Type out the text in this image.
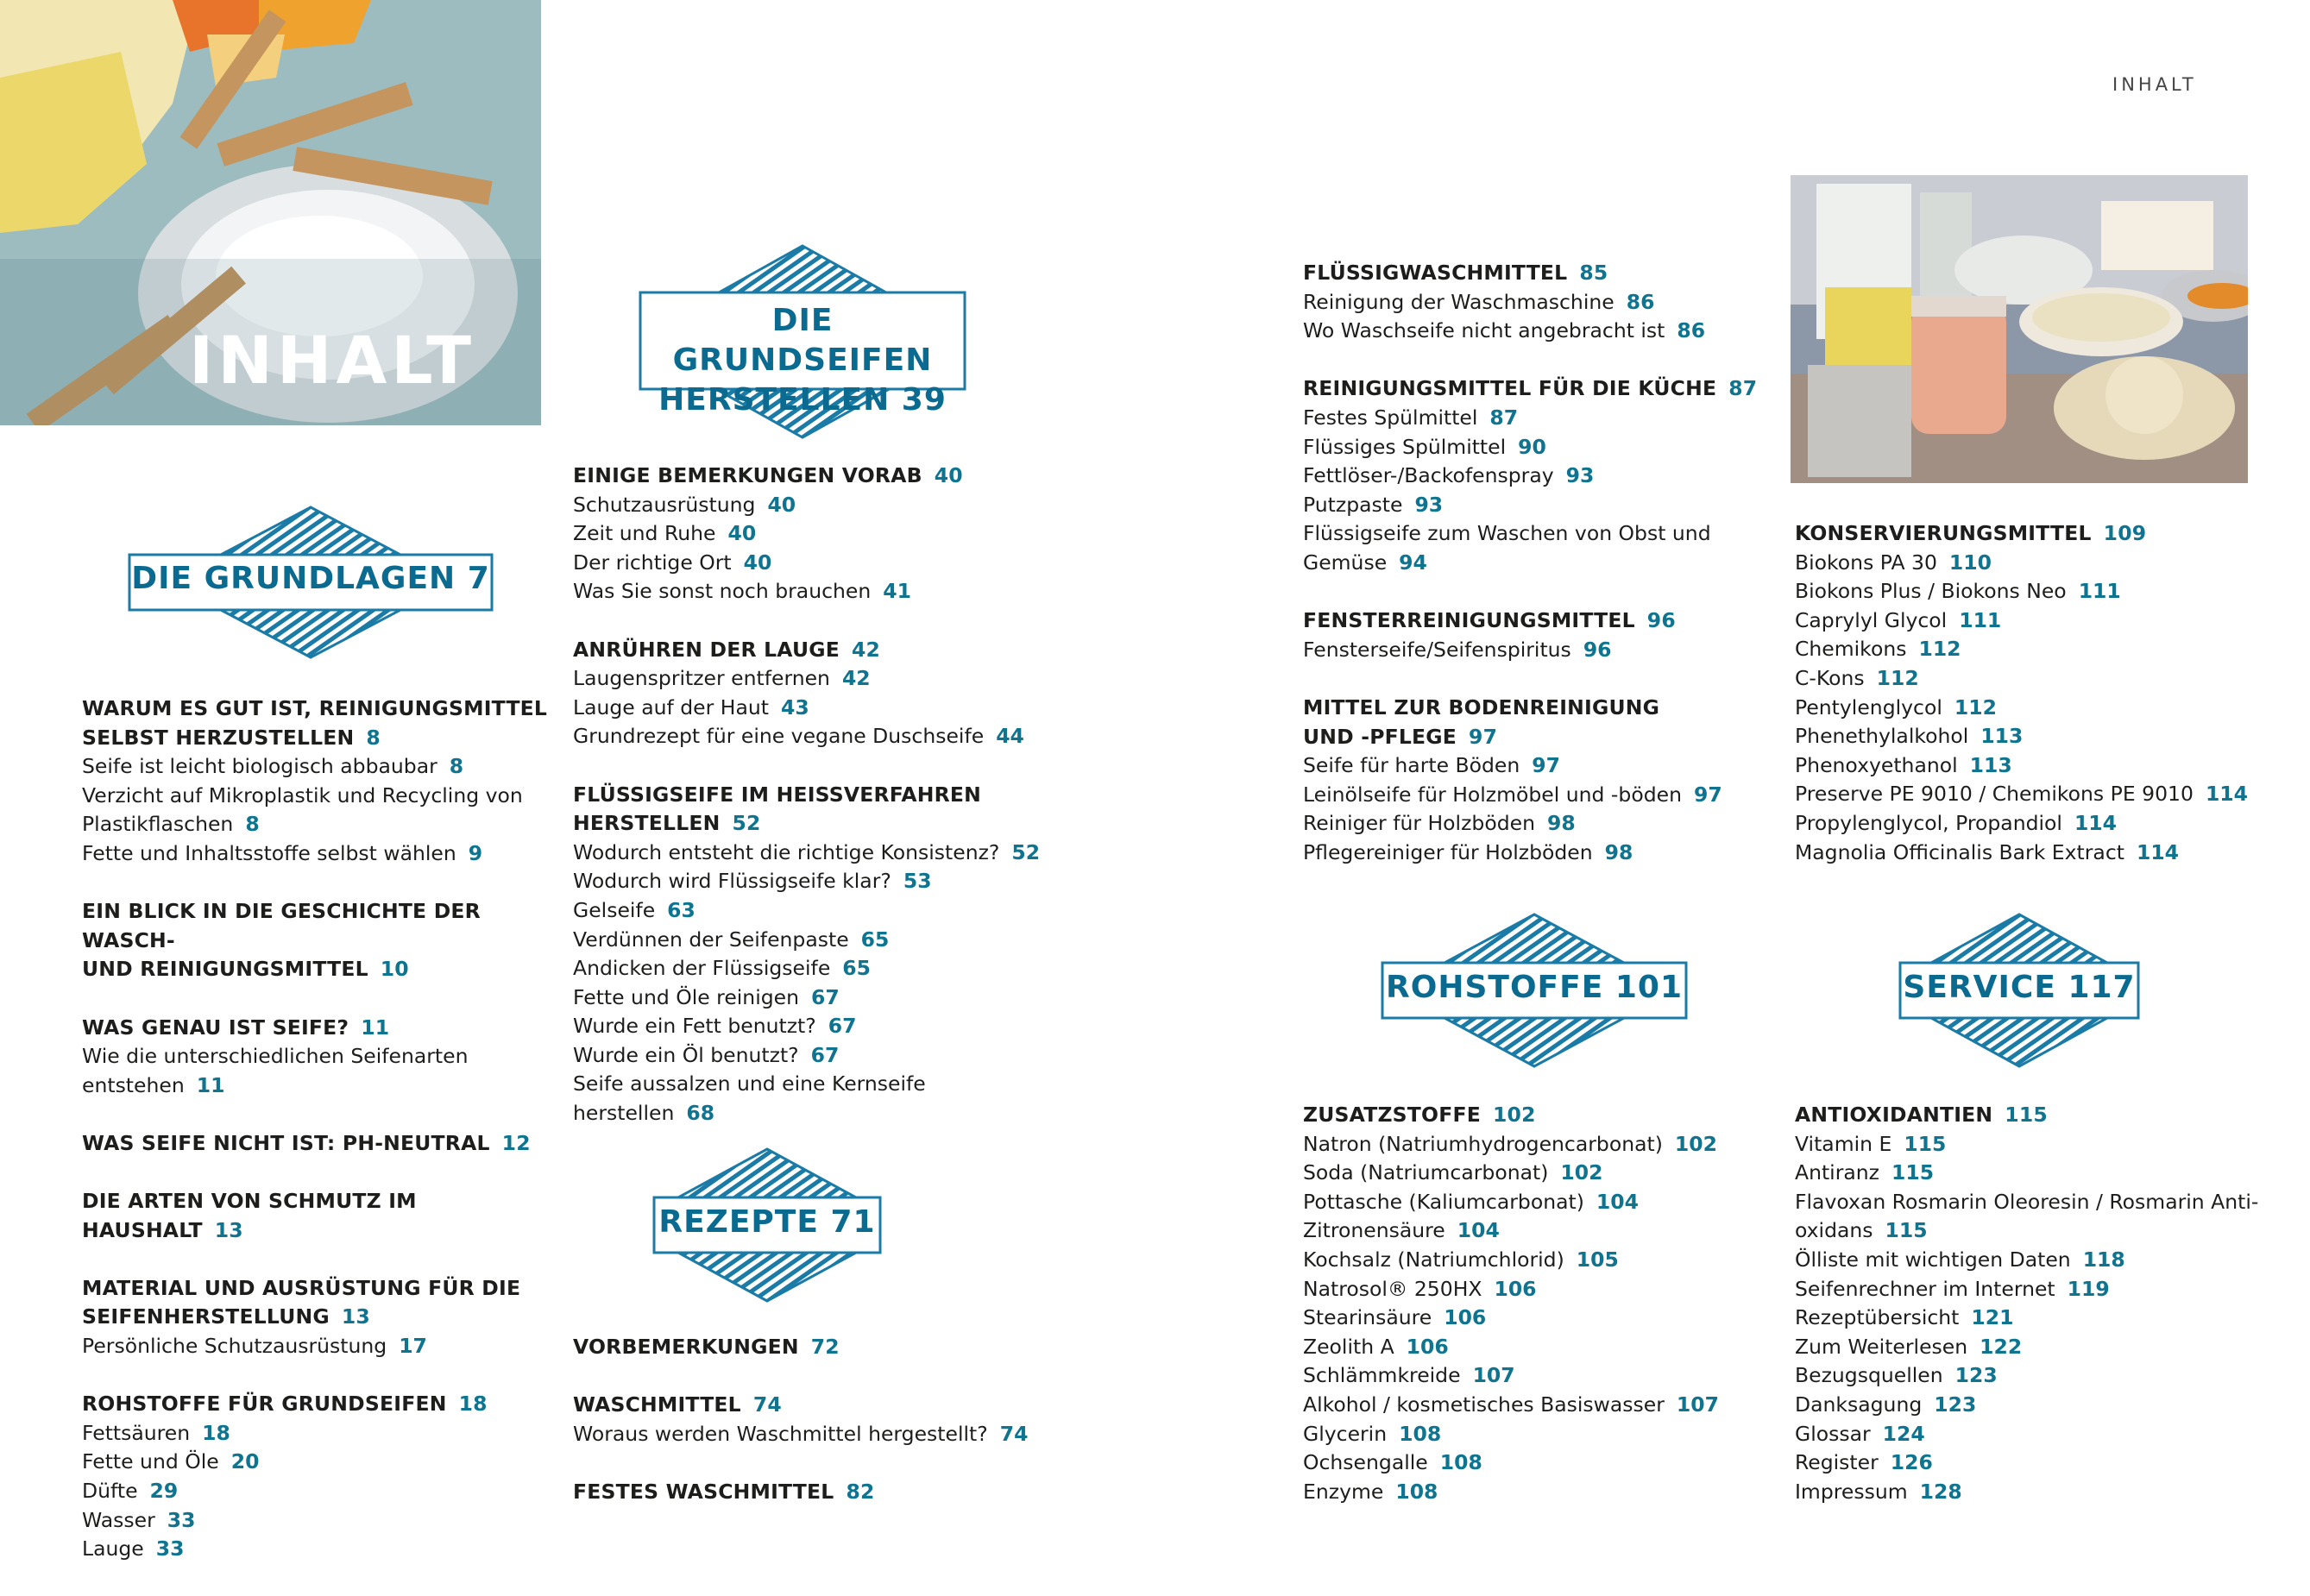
INHALT
INHALT
DIE GRUNDLAGEN 7
DIE GRUNDSEIFEN
HERSTELLEN 39
REZEPTE 71
ROHSTOFFE 101	SERVICE 117
WARUM ES GUT IST, REINIGUNGSMITTEL
SELBST HERZUSTELLEN 8
Seife ist leicht biologisch abbaubar 8
Verzicht auf Mikroplastik und Recycling von
Plastikflaschen 8
Fette und Inhaltsstoffe selbst wählen 9
EIN BLICK IN DIE GESCHICHTE DER WASCH-
UND REINIGUNGSMITTEL 10
WAS GENAU IST SEIFE? 11
Wie die unterschiedlichen Seifenarten
entstehen 11
WAS SEIFE NICHT IST: PH-NEUTRAL 12
DIE ARTEN VON SCHMUTZ IM HAUSHALT 13
MATERIAL UND AUSRÜSTUNG FÜR DIE
SEIFENHERSTELLUNG 13
Persönliche Schutzausrüstung 17
ROHSTOFFE FÜR GRUNDSEIFEN 18
Fettsäuren 18
Fette und Öle 20
Düfte 29
Wasser 33
Lauge 33
EINIGE BEMERKUNGEN VORAB 40
Schutzausrüstung 40
Zeit und Ruhe 40
Der richtige Ort 40
Was Sie sonst noch brauchen 41
ANRÜHREN DER LAUGE 42
Laugenspritzer entfernen 42
Lauge auf der Haut 43
Grundrezept für eine vegane Duschseife 44
FLÜSSIGSEIFE IM HEISSVERFAHREN
HERSTELLEN 52
Wodurch entsteht die richtige Konsistenz? 52
Wodurch wird Flüssigseife klar? 53
Gelseife 63
Verdünnen der Seifenpaste 65
Andicken der Flüssigseife 65
Fette und Öle reinigen 67
Wurde ein Fett benutzt? 67
Wurde ein Öl benutzt? 67
Seife aussalzen und eine Kernseife herstellen 68
VORBEMERKUNGEN 72
WASCHMITTEL 74
Woraus werden Waschmittel hergestellt? 74
FESTES WASCHMITTEL 82
FLÜSSIGWASCHMITTEL 85
Reinigung der Waschmaschine 86
Wo Waschseife nicht angebracht ist 86
REINIGUNGSMITTEL FÜR DIE KÜCHE 87
Festes Spülmittel 87
Flüssiges Spülmittel 90
Fettlöser-/Backofenspray 93
Putzpaste 93
Flüssigseife zum Waschen von Obst und
Gemüse 94
FENSTERREINIGUNGSMITTEL 96
Fensterseife/Seifenspiritus 96
MITTEL ZUR BODENREINIGUNG
UND -PFLEGE 97
Seife für harte Böden 97
Leinölseife für Holzmöbel und -böden 97
Reiniger für Holzböden 98
Pflegereiniger für Holzböden 98
ZUSATZSTOFFE 102
Natron (Natriumhydrogencarbonat) 102
Soda (Natriumcarbonat) 102
Pottasche (Kaliumcarbonat) 104
Zitronensäure 104
Kochsalz (Natriumchlorid) 105
Natrosol® 250HX 106
Stearinsäure 106
Zeolith A 106
Schlämmkreide 107
Alkohol / kosmetisches Basiswasser 107
Glycerin 108
Ochsengalle 108
Enzyme 108
KONSERVIERUNGSMITTEL 109
Biokons PA 30 110
Biokons Plus / Biokons Neo 111
Caprylyl Glycol 111
Chemikons 112
C-Kons 112
Pentylenglycol 112
Phenethylalkohol 113
Phenoxyethanol 113
Preserve PE 9010 / Chemikons PE 9010 114
Propylenglycol, Propandiol 114
Magnolia Officinalis Bark Extract 114
ANTIOXIDANTIEN 115
Vitamin E 115
Antiranz 115
Flavoxan Rosmarin Oleoresin / Rosmarin Anti-
oxidans 115
Ölliste mit wichtigen Daten 118
Seifenrechner im Internet 119
Rezeptübersicht 121
Zum Weiterlesen 122
Bezugsquellen 123
Danksagung 123
Glossar 124
Register 126
Impressum 128
